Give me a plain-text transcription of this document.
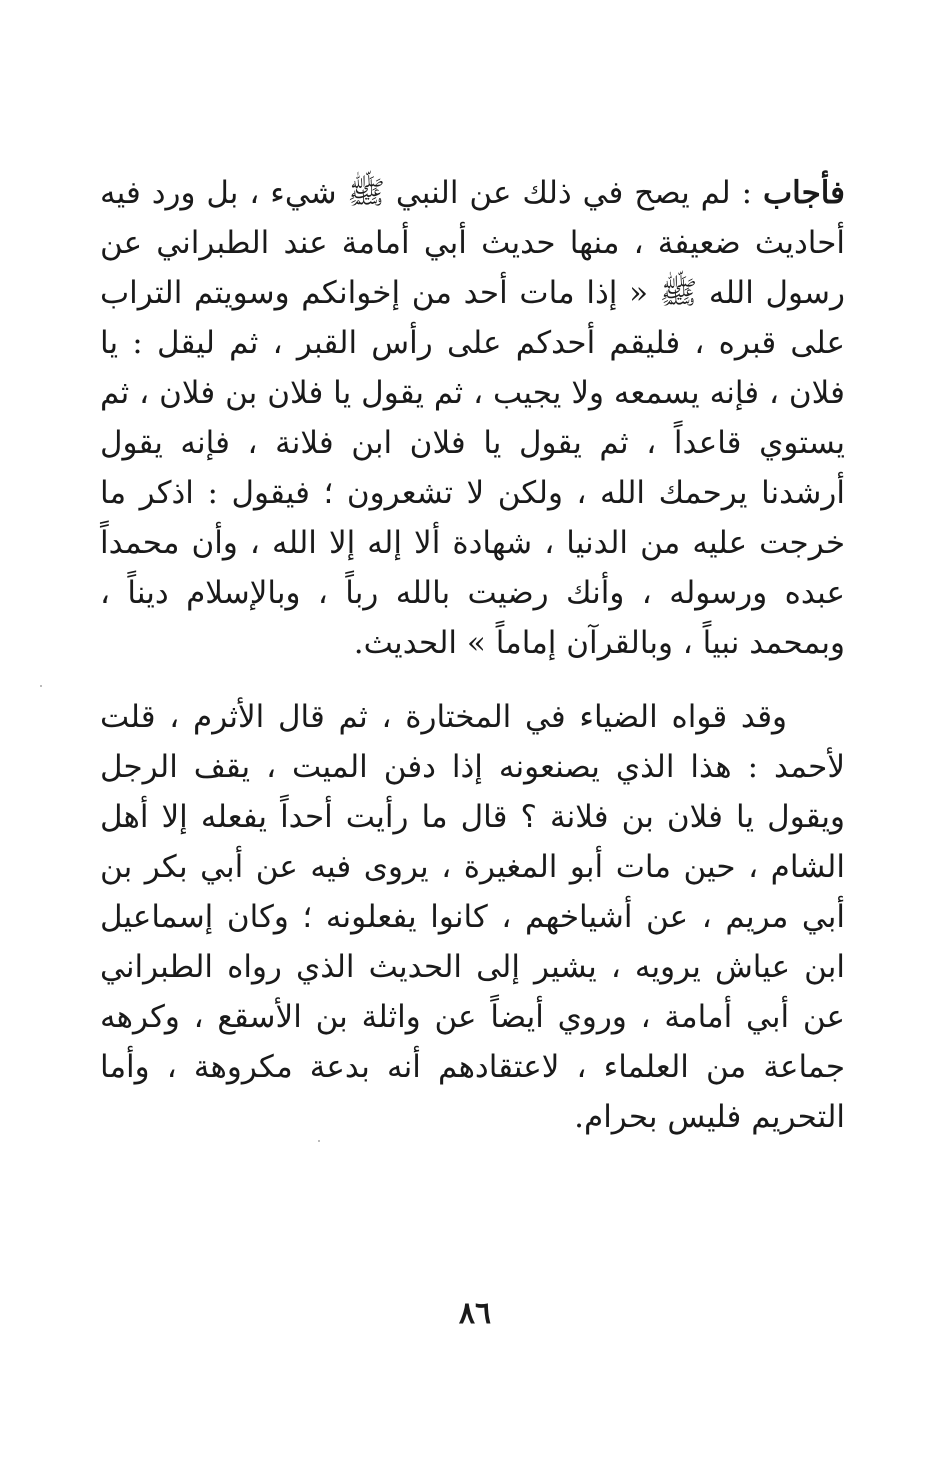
فأجاب : لم يصح في ذلك عن النبي ﷺ شيء ، بل ورد فيه أحاديث ضعيفة ، منها حديث أبي أمامة عند الطبراني عن رسول الله ﷺ « إذا مات أحد من إخوانكم وسويتم التراب على قبره ، فليقم أحدكم على رأس القبر ، ثم ليقل : يا فلان ، فإنه يسمعه ولا يجيب ، ثم يقول يا فلان بن فلان ، ثم يستوي قاعداً ، ثم يقول يا فلان ابن فلانة ، فإنه يقول أرشدنا يرحمك الله ، ولكن لا تشعرون ؛ فيقول : اذكر ما خرجت عليه من الدنيا ، شهادة ألا إله إلا الله ، وأن محمداً عبده ورسوله ، وأنك رضيت بالله رباً ، وبالإسلام ديناً ، وبمحمد نبياً ، وبالقرآن إماماً » الحديث.

وقد قواه الضياء في المختارة ، ثم قال الأثرم ، قلت لأحمد : هذا الذي يصنعونه إذا دفن الميت ، يقف الرجل ويقول يا فلان بن فلانة ؟ قال ما رأيت أحداً يفعله إلا أهل الشام ، حين مات أبو المغيرة ، يروى فيه عن أبي بكر بن أبي مريم ، عن أشياخهم ، كانوا يفعلونه ؛ وكان إسماعيل ابن عياش يرويه ، يشير إلى الحديث الذي رواه الطبراني عن أبي أمامة ، وروي أيضاً عن واثلة بن الأسقع ، وكرهه جماعة من العلماء ، لاعتقادهم أنه بدعة مكروهة ، وأما التحريم فليس بحرام.

٨٦
